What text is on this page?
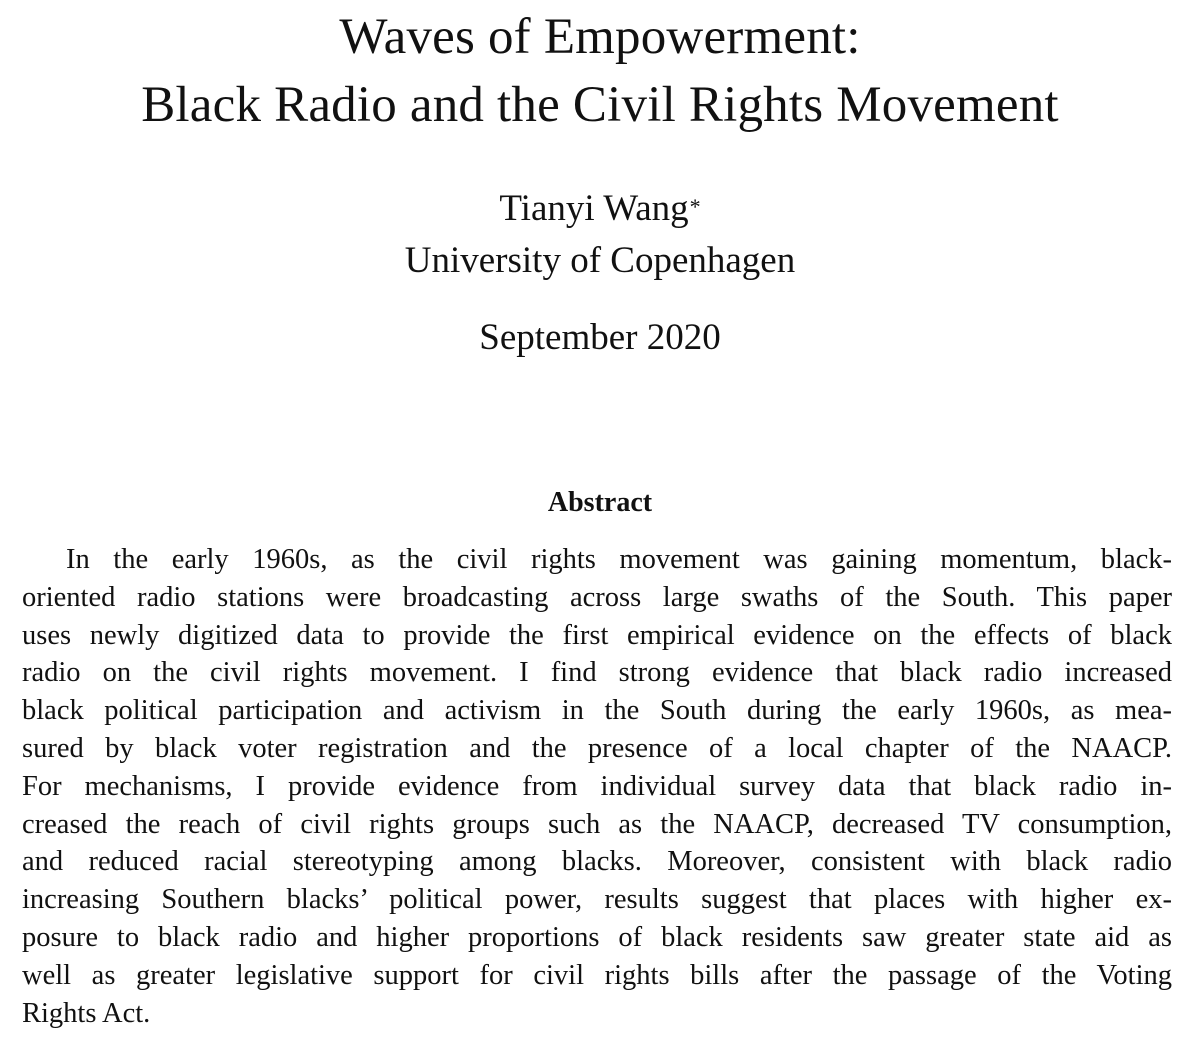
Waves of Empowerment:
Black Radio and the Civil Rights Movement
Tianyi Wang*
University of Copenhagen
September 2020
Abstract
In the early 1960s, as the civil rights movement was gaining momentum, black-
oriented radio stations were broadcasting across large swaths of the South. This paper
uses newly digitized data to provide the first empirical evidence on the effects of black
radio on the civil rights movement. I find strong evidence that black radio increased
black political participation and activism in the South during the early 1960s, as mea-
sured by black voter registration and the presence of a local chapter of the NAACP.
For mechanisms, I provide evidence from individual survey data that black radio in-
creased the reach of civil rights groups such as the NAACP, decreased TV consumption,
and reduced racial stereotyping among blacks. Moreover, consistent with black radio
increasing Southern blacks’ political power, results suggest that places with higher ex-
posure to black radio and higher proportions of black residents saw greater state aid as
well as greater legislative support for civil rights bills after the passage of the Voting
Rights Act.
